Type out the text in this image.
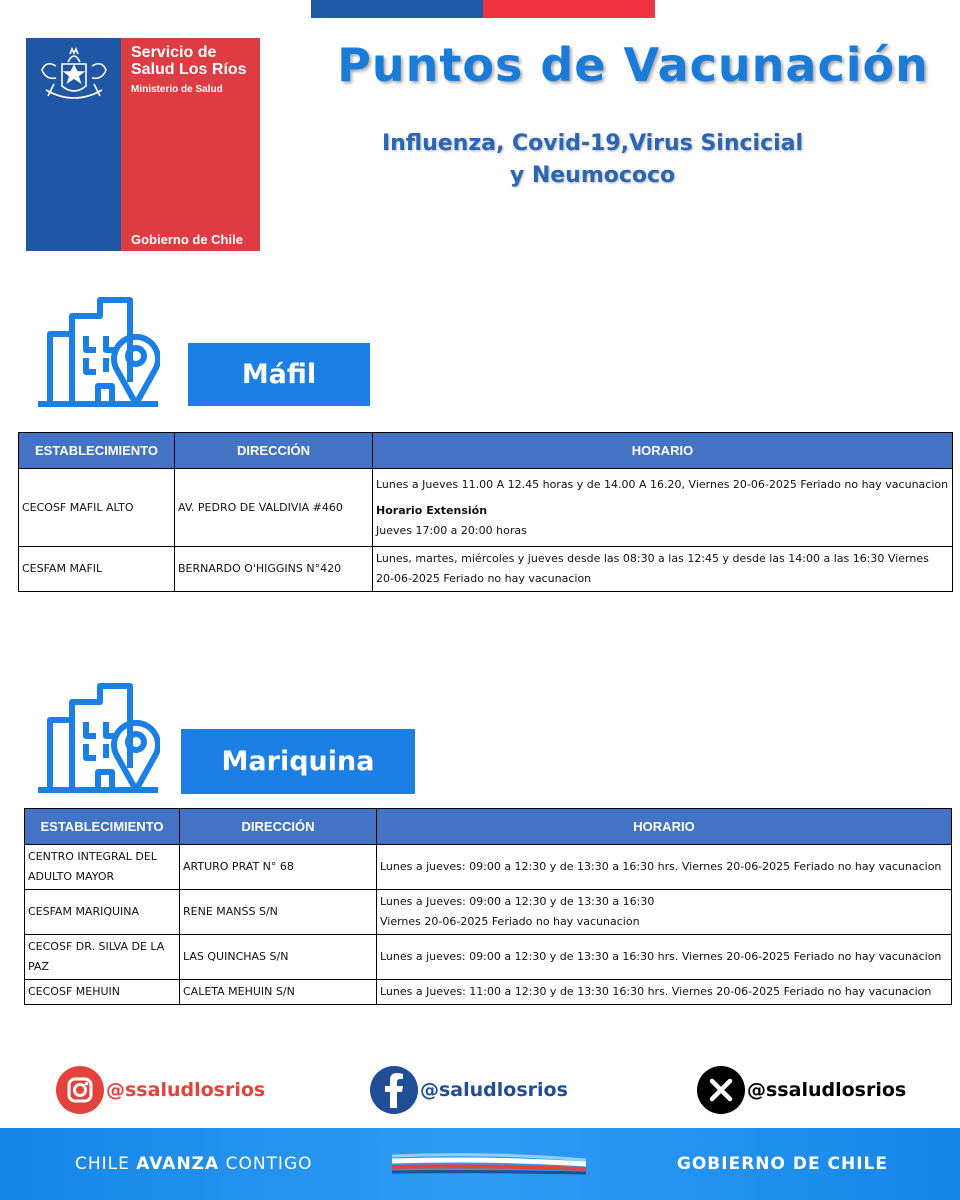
Servicio de
Salud Los Ríos
Ministerio de Salud
Gobierno de Chile
Puntos de Vacunación
Influenza, Covid-19,Virus Sincicial
y Neumococo
Máfil
ESTABLECIMIENTO	DIRECCIÓN	HORARIO
CECOSF MAFIL ALTO	AV. PEDRO DE VALDIVIA #460	Lunes a Jueves 11.00 A 12.45 horas y de 14.00 A 16.20, Viernes 20-06-2025 Feriado no hay vacunacion
Horario Extensión
Jueves 17:00 a 20:00 horas

CESFAM MAFIL	BERNARDO O'HIGGINS N°420	Lunes, martes, miércoles y jueves desde las 08:30 a las 12:45 y desde las 14:00 a las 16:30 Viernes 20-06-2025 Feriado no hay vacunacion
Mariquina
ESTABLECIMIENTO	DIRECCIÓN	HORARIO
CENTRO INTEGRAL DEL ADULTO MAYOR	ARTURO PRAT N° 68	Lunes a jueves: 09:00 a 12:30 y de 13:30 a 16:30 hrs. Viernes 20-06-2025 Feriado no hay vacunacion
CESFAM MARIQUINA	RENE MANSS S/N	Lunes a Jueves: 09:00 a 12:30 y de 13:30 a 16:30
Viernes 20-06-2025 Feriado no hay vacunacion

CECOSF DR. SILVA DE LA PAZ	LAS QUINCHAS S/N	Lunes a jueves: 09:00 a 12:30 y de 13:30 a 16:30 hrs. Viernes 20-06-2025 Feriado no hay vacunacion
CECOSF MEHUIN	CALETA MEHUIN S/N	Lunes a Jueves: 11:00 a 12:30 y de 13:30 16:30 hrs. Viernes 20-06-2025 Feriado no hay vacunacion
@ssaludlosrios	@saludlosrios	@ssaludlosrios
CHILE AVANZA CONTIGO	GOBIERNO DE CHILE
